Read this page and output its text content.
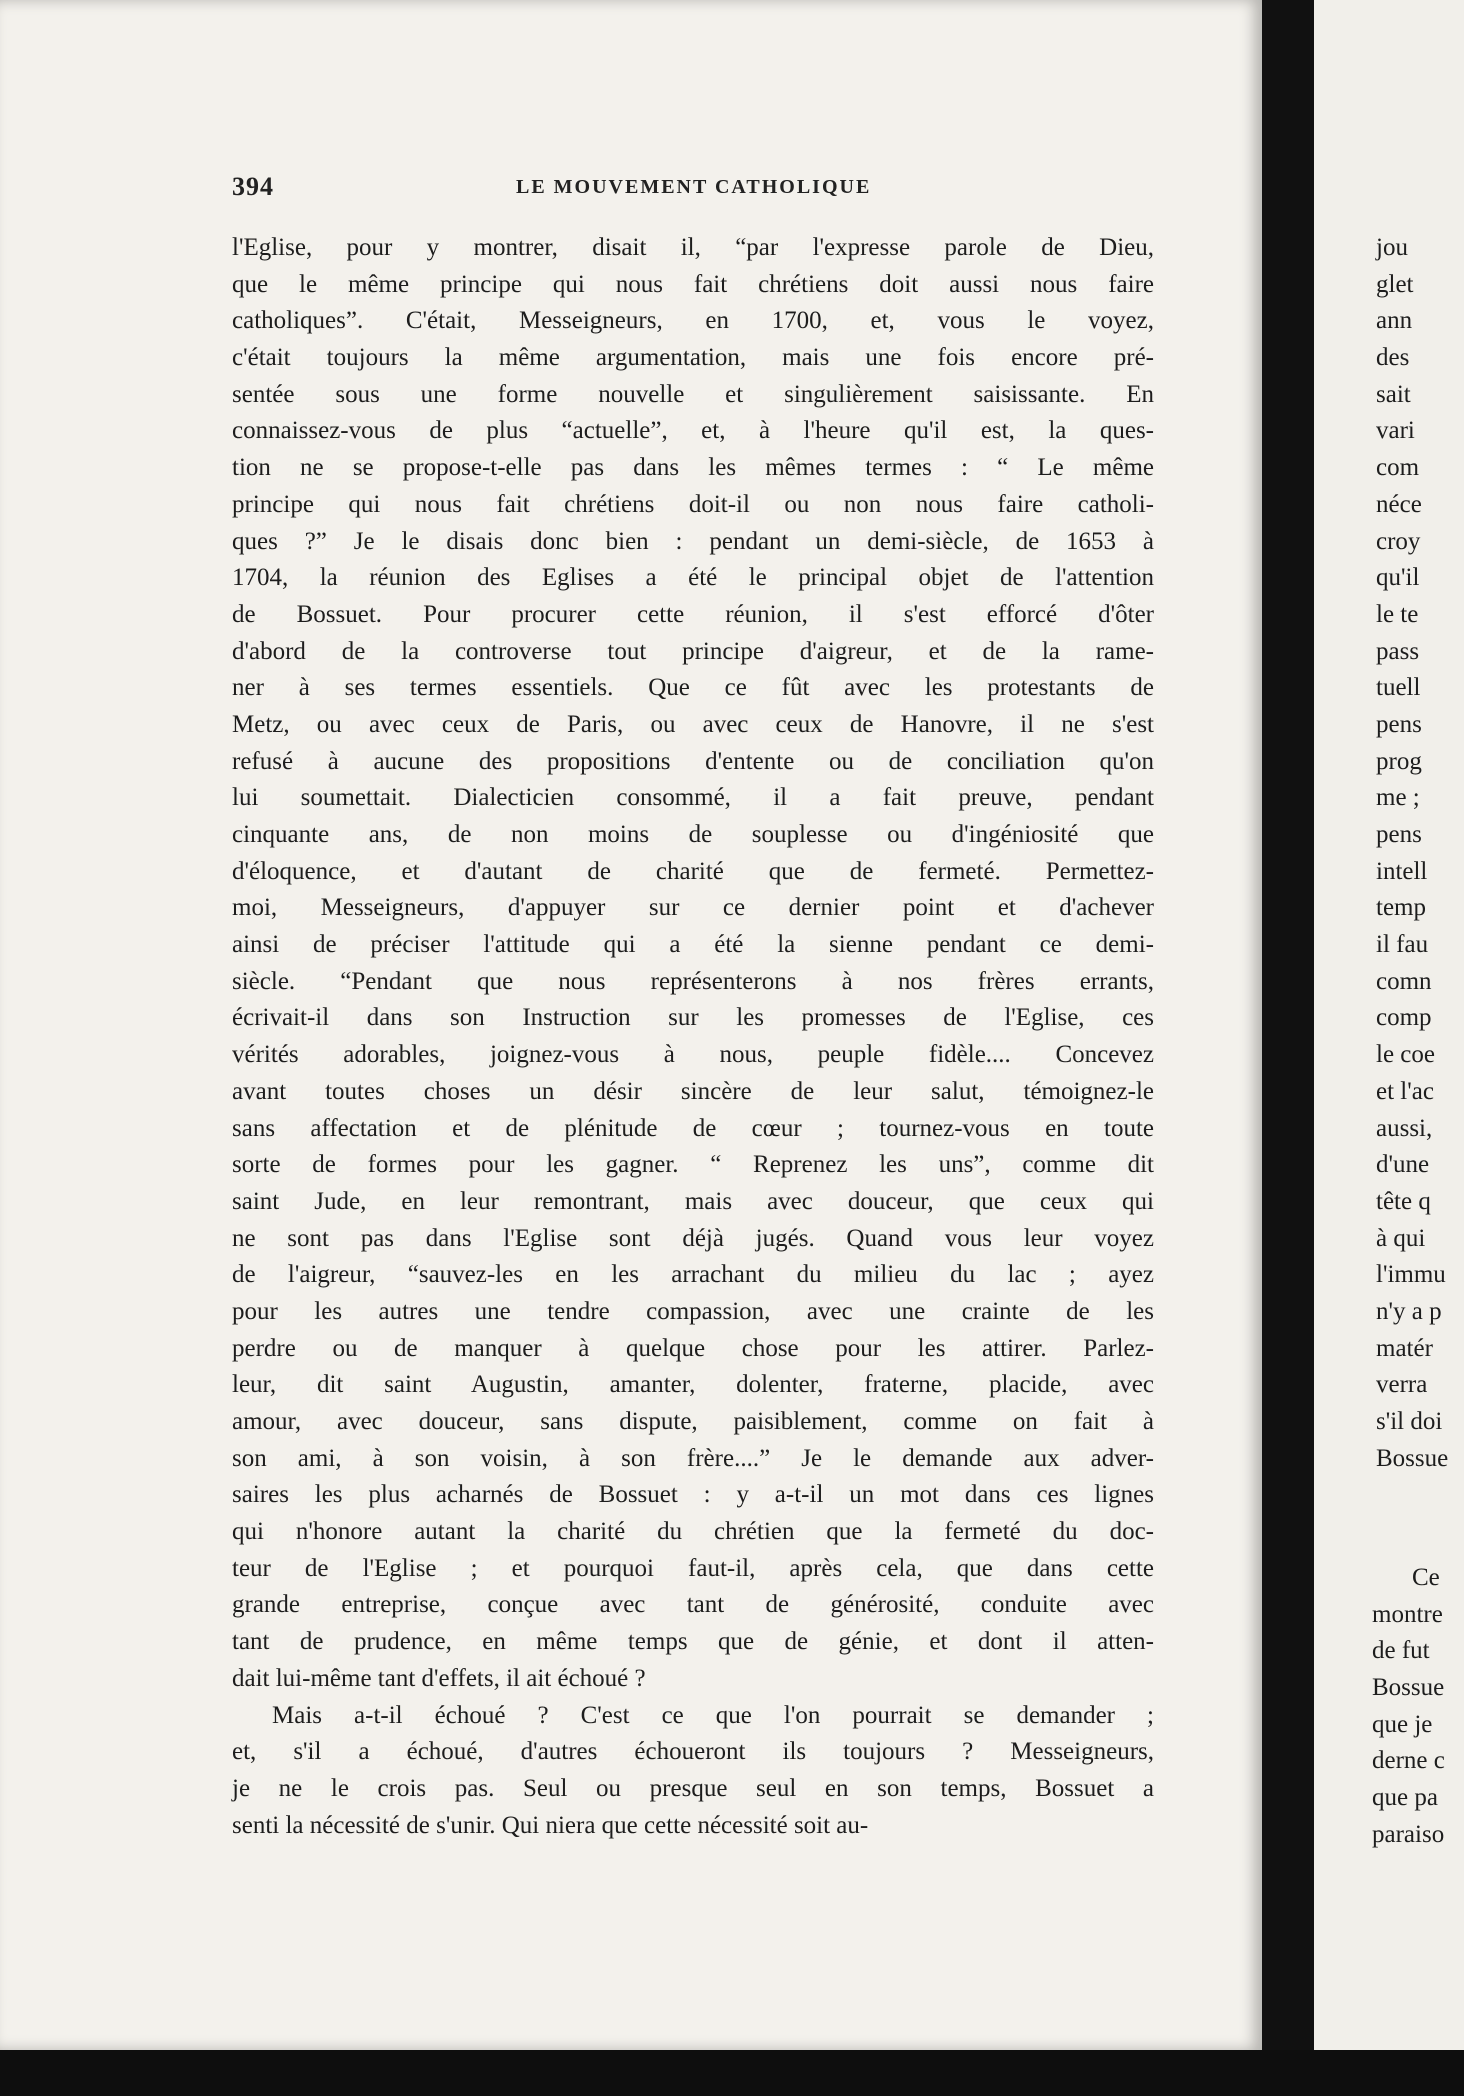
394	LE MOUVEMENT CATHOLIQUE
l'Eglise, pour y montrer, disait il, “par l'expresse parole de Dieu,
que le même principe qui nous fait chrétiens doit aussi nous faire
catholiques”. C'était, Messeigneurs, en 1700, et, vous le voyez,
c'était toujours la même argumentation, mais une fois encore pré-
sentée sous une forme nouvelle et singulièrement saisissante. En
connaissez-vous de plus “actuelle”, et, à l'heure qu'il est, la ques-
tion ne se propose-t-elle pas dans les mêmes termes : “ Le même
principe qui nous fait chrétiens doit-il ou non nous faire catholi-
ques ?” Je le disais donc bien : pendant un demi-siècle, de 1653 à
1704, la réunion des Eglises a été le principal objet de l'attention
de Bossuet. Pour procurer cette réunion, il s'est efforcé d'ôter
d'abord de la controverse tout principe d'aigreur, et de la rame-
ner à ses termes essentiels. Que ce fût avec les protestants de
Metz, ou avec ceux de Paris, ou avec ceux de Hanovre, il ne s'est
refusé à aucune des propositions d'entente ou de conciliation qu'on
lui soumettait. Dialecticien consommé, il a fait preuve, pendant
cinquante ans, de non moins de souplesse ou d'ingéniosité que
d'éloquence, et d'autant de charité que de fermeté. Permettez-
moi, Messeigneurs, d'appuyer sur ce dernier point et d'achever
ainsi de préciser l'attitude qui a été la sienne pendant ce demi-
siècle. “Pendant que nous représenterons à nos frères errants,
écrivait-il dans son Instruction sur les promesses de l'Eglise, ces
vérités adorables, joignez-vous à nous, peuple fidèle.... Concevez
avant toutes choses un désir sincère de leur salut, témoignez-le
sans affectation et de plénitude de cœur ; tournez-vous en toute
sorte de formes pour les gagner. “ Reprenez les uns”, comme dit
saint Jude, en leur remontrant, mais avec douceur, que ceux qui
ne sont pas dans l'Eglise sont déjà jugés. Quand vous leur voyez
de l'aigreur, “sauvez-les en les arrachant du milieu du lac ; ayez
pour les autres une tendre compassion, avec une crainte de les
perdre ou de manquer à quelque chose pour les attirer. Parlez-
leur, dit saint Augustin, amanter, dolenter, fraterne, placide, avec
amour, avec douceur, sans dispute, paisiblement, comme on fait à
son ami, à son voisin, à son frère....” Je le demande aux adver-
saires les plus acharnés de Bossuet : y a-t-il un mot dans ces lignes
qui n'honore autant la charité du chrétien que la fermeté du doc-
teur de l'Eglise ; et pourquoi faut-il, après cela, que dans cette
grande entreprise, conçue avec tant de générosité, conduite avec
tant de prudence, en même temps que de génie, et dont il atten-
dait lui-même tant d'effets, il ait échoué ?
Mais a-t-il échoué ? C'est ce que l'on pourrait se demander ;
et, s'il a échoué, d'autres échoueront ils toujours ? Messeigneurs,
je ne le crois pas. Seul ou presque seul en son temps, Bossuet a
senti la nécessité de s'unir. Qui niera que cette nécessité soit au-
jou
glet
ann
des
sait
vari
com
néce
croy
qu'il
le te
pass
tuell
pens
prog
me ;
pens
intell
temp
il fau
comn
comp
le coe
et l'ac
aussi,
d'une
tête q
à qui
l'immu
n'y a p
matér
verra
s'il doi
Bossue
Ce
montre
de fut
Bossue
que je
derne c
que pa
paraiso
